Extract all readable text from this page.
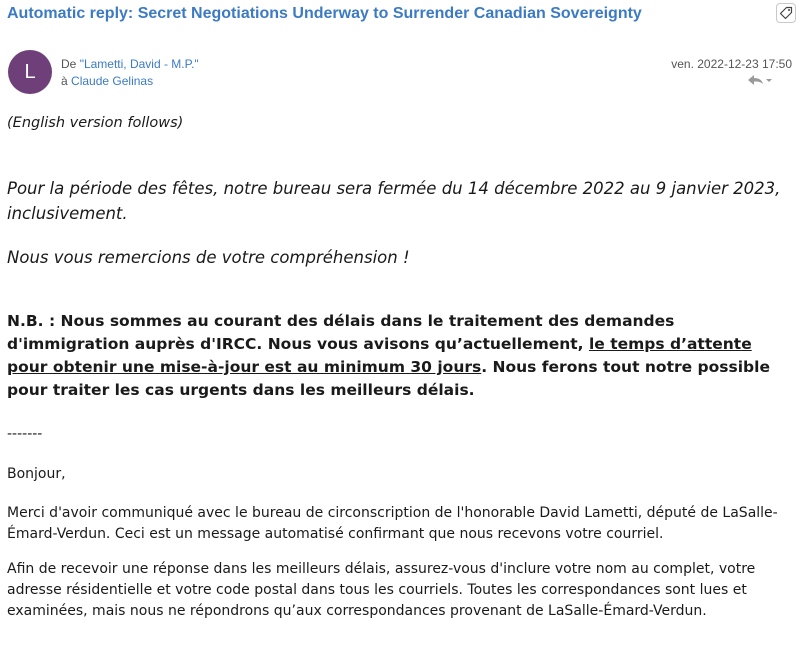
Automatic reply: Secret Negotiations Underway to Surrender Canadian Sovereignty
L	De "Lametti, David - M.P."
à Claude Gelinas
ven. 2022-12-23 17:50

(English version follows)

Pour la période des fêtes, notre bureau sera fermée du 14 décembre 2022 au 9 janvier 2023, inclusivement.

Nous vous remercions de votre compréhension !

N.B. : Nous sommes au courant des délais dans le traitement des demandes d'immigration auprès d'IRCC. Nous vous avisons qu’actuellement, le temps d’attente pour obtenir une mise-à-jour est au minimum 30 jours. Nous ferons tout notre possible pour traiter les cas urgents dans les meilleurs délais.

-------

Bonjour,

Merci d'avoir communiqué avec le bureau de circonscription de l'honorable David Lametti, député de LaSalle-Émard-Verdun. Ceci est un message automatisé confirmant que nous recevons votre courriel.

Afin de recevoir une réponse dans les meilleurs délais, assurez-vous d'inclure votre nom au complet, votre adresse résidentielle et votre code postal dans tous les courriels. Toutes les correspondances sont lues et examinées, mais nous ne répondrons qu’aux correspondances provenant de LaSalle-Émard-Verdun.
